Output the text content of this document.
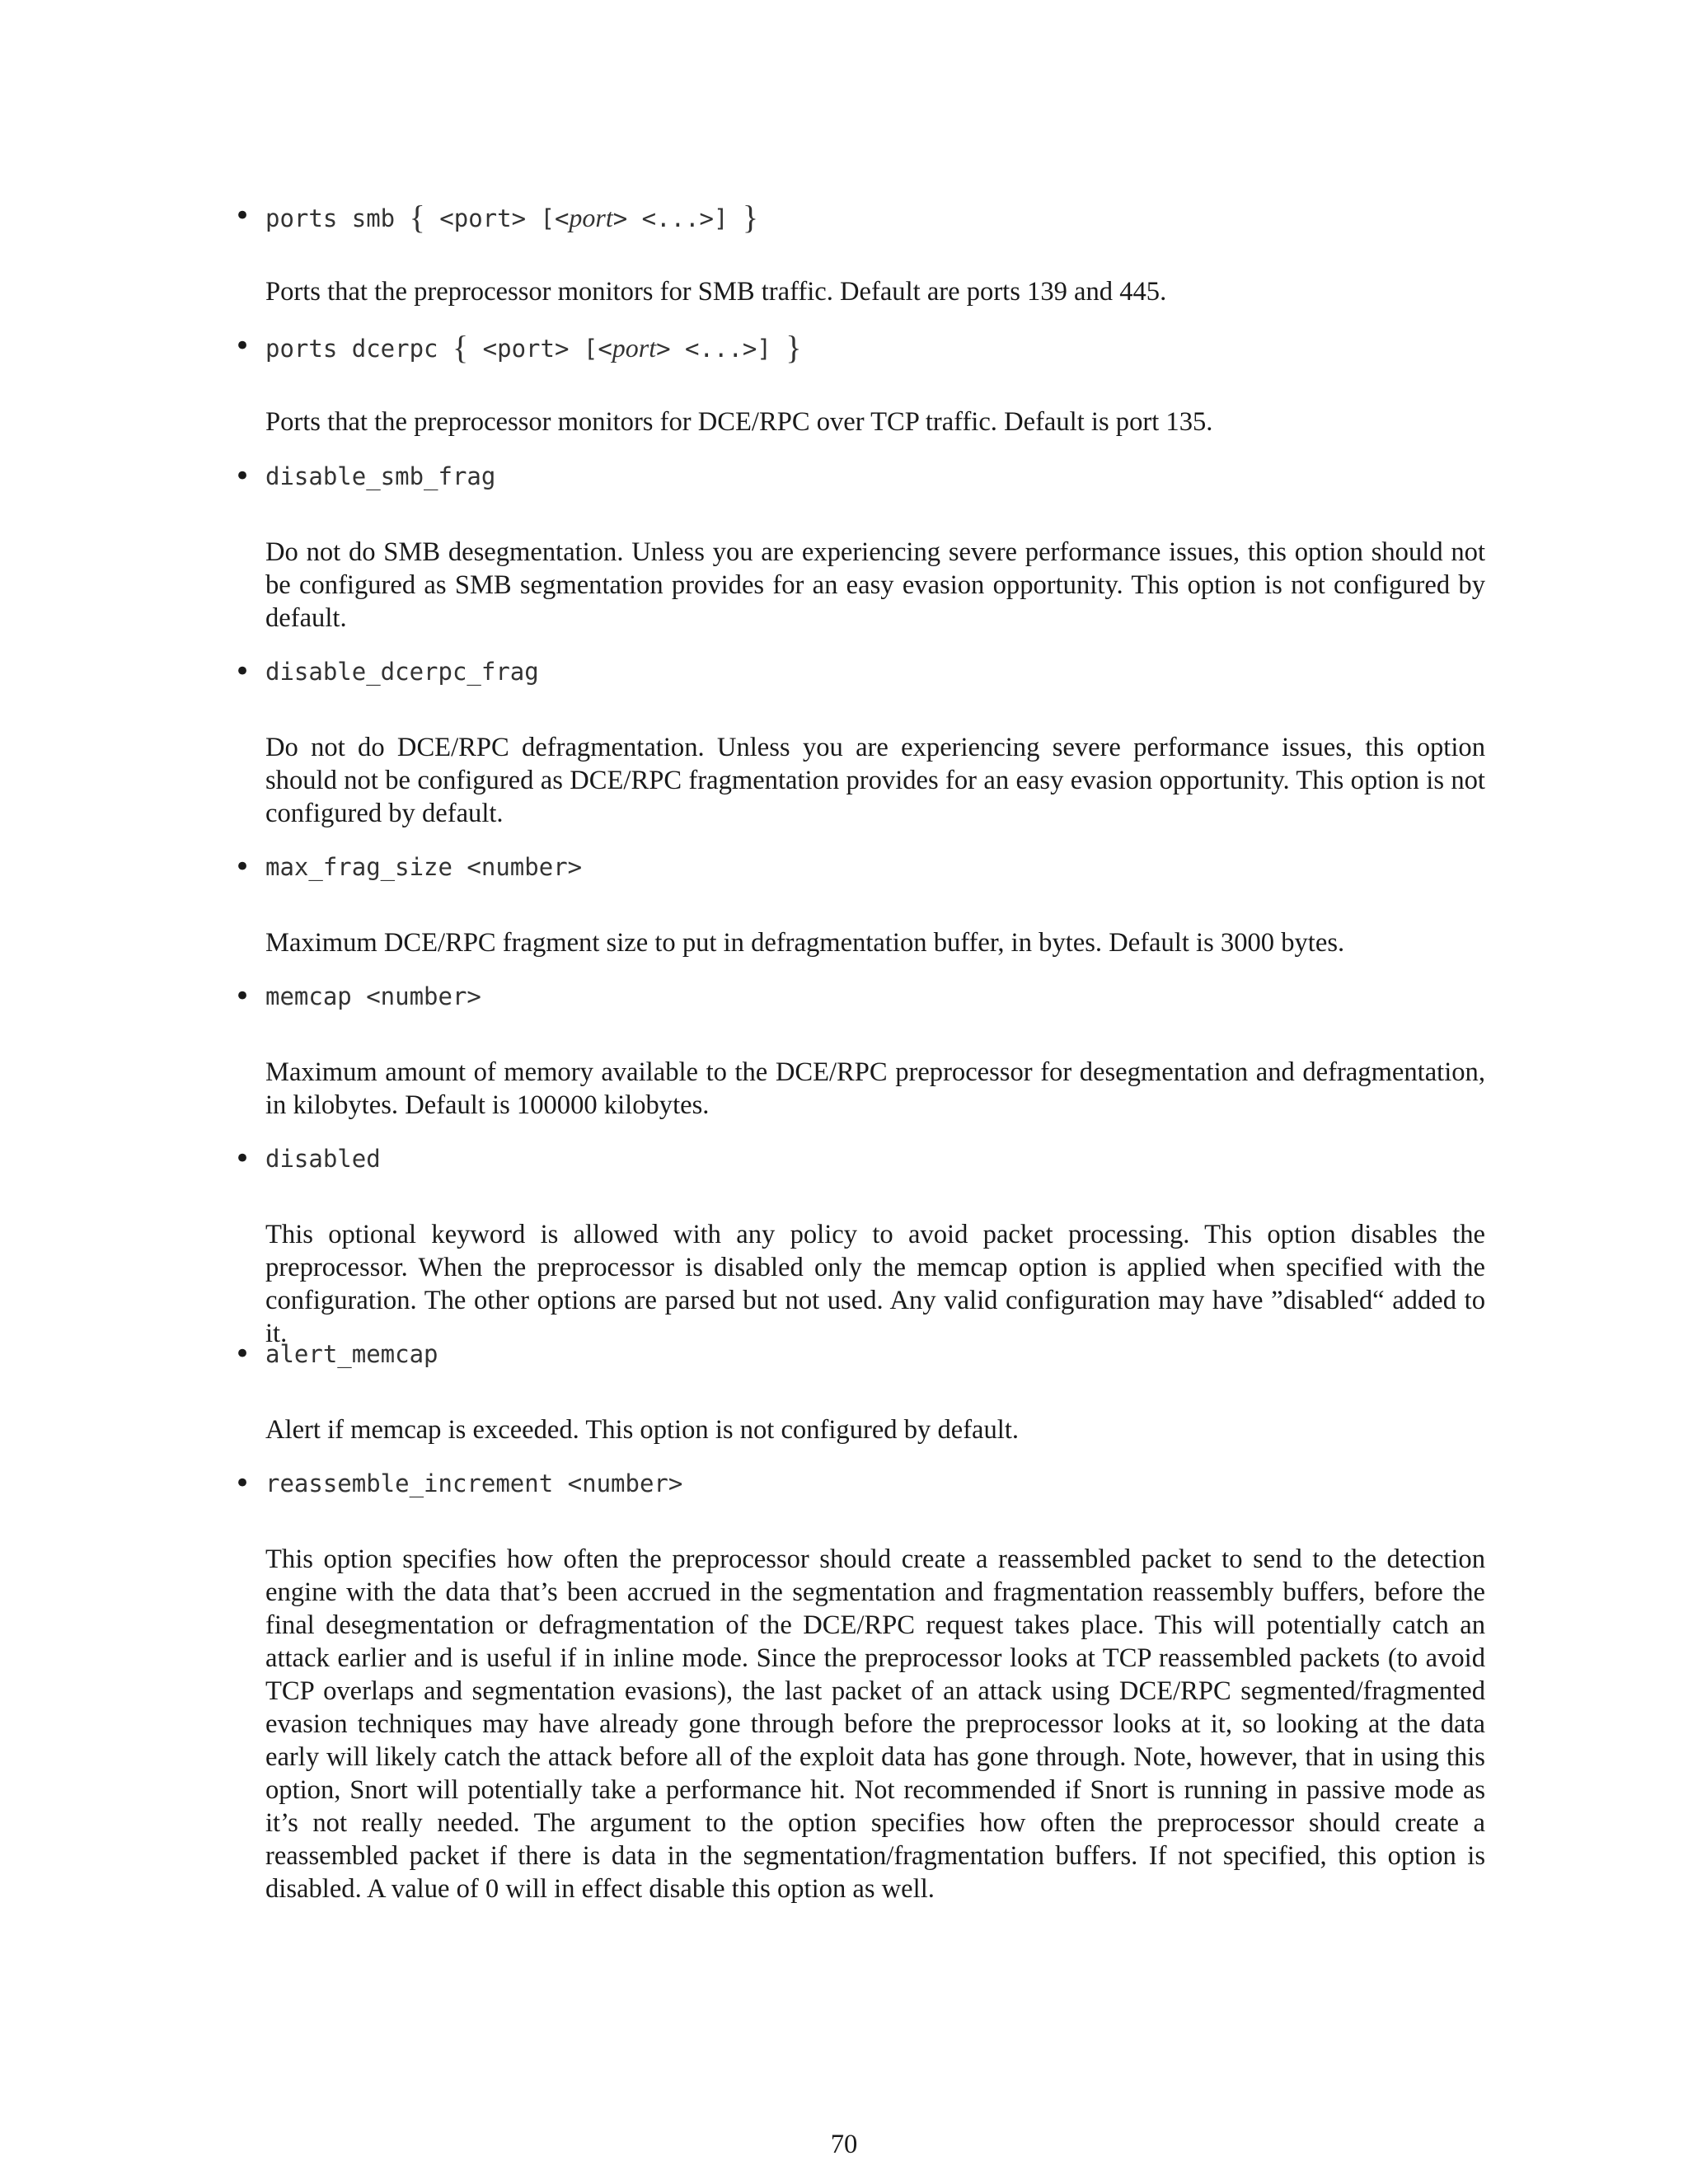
• ports smb { <port> [<port> <...>] }
Ports that the preprocessor monitors for SMB traffic. Default are ports 139 and 445.
• ports dcerpc { <port> [<port> <...>] }
Ports that the preprocessor monitors for DCE/RPC over TCP traffic. Default is port 135.
• disable_smb_frag
Do not do SMB desegmentation. Unless you are experiencing severe performance issues, this option should not be configured as SMB segmentation provides for an easy evasion opportunity. This option is not configured by default.
• disable_dcerpc_frag
Do not do DCE/RPC defragmentation. Unless you are experiencing severe performance issues, this option should not be configured as DCE/RPC fragmentation provides for an easy evasion opportunity. This option is not configured by default.
• max_frag_size <number>
Maximum DCE/RPC fragment size to put in defragmentation buffer, in bytes. Default is 3000 bytes.
• memcap <number>
Maximum amount of memory available to the DCE/RPC preprocessor for desegmentation and defragmentation, in kilobytes. Default is 100000 kilobytes.
• disabled
This optional keyword is allowed with any policy to avoid packet processing. This option disables the preprocessor. When the preprocessor is disabled only the memcap option is applied when specified with the configuration. The other options are parsed but not used. Any valid configuration may have ”disabled“ added to it.
• alert_memcap
Alert if memcap is exceeded. This option is not configured by default.
• reassemble_increment <number>
This option specifies how often the preprocessor should create a reassembled packet to send to the detection engine with the data that’s been accrued in the segmentation and fragmentation reassembly buffers, before the final desegmentation or defragmentation of the DCE/RPC request takes place. This will potentially catch an attack earlier and is useful if in inline mode. Since the preprocessor looks at TCP reassembled packets (to avoid TCP overlaps and segmentation evasions), the last packet of an attack using DCE/RPC segmented/fragmented evasion techniques may have already gone through before the preprocessor looks at it, so looking at the data early will likely catch the attack before all of the exploit data has gone through. Note, however, that in using this option, Snort will potentially take a performance hit. Not recommended if Snort is running in passive mode as it’s not really needed. The argument to the option specifies how often the preprocessor should create a reassembled packet if there is data in the segmentation/fragmentation buffers. If not specified, this option is disabled. A value of 0 will in effect disable this option as well.
70
